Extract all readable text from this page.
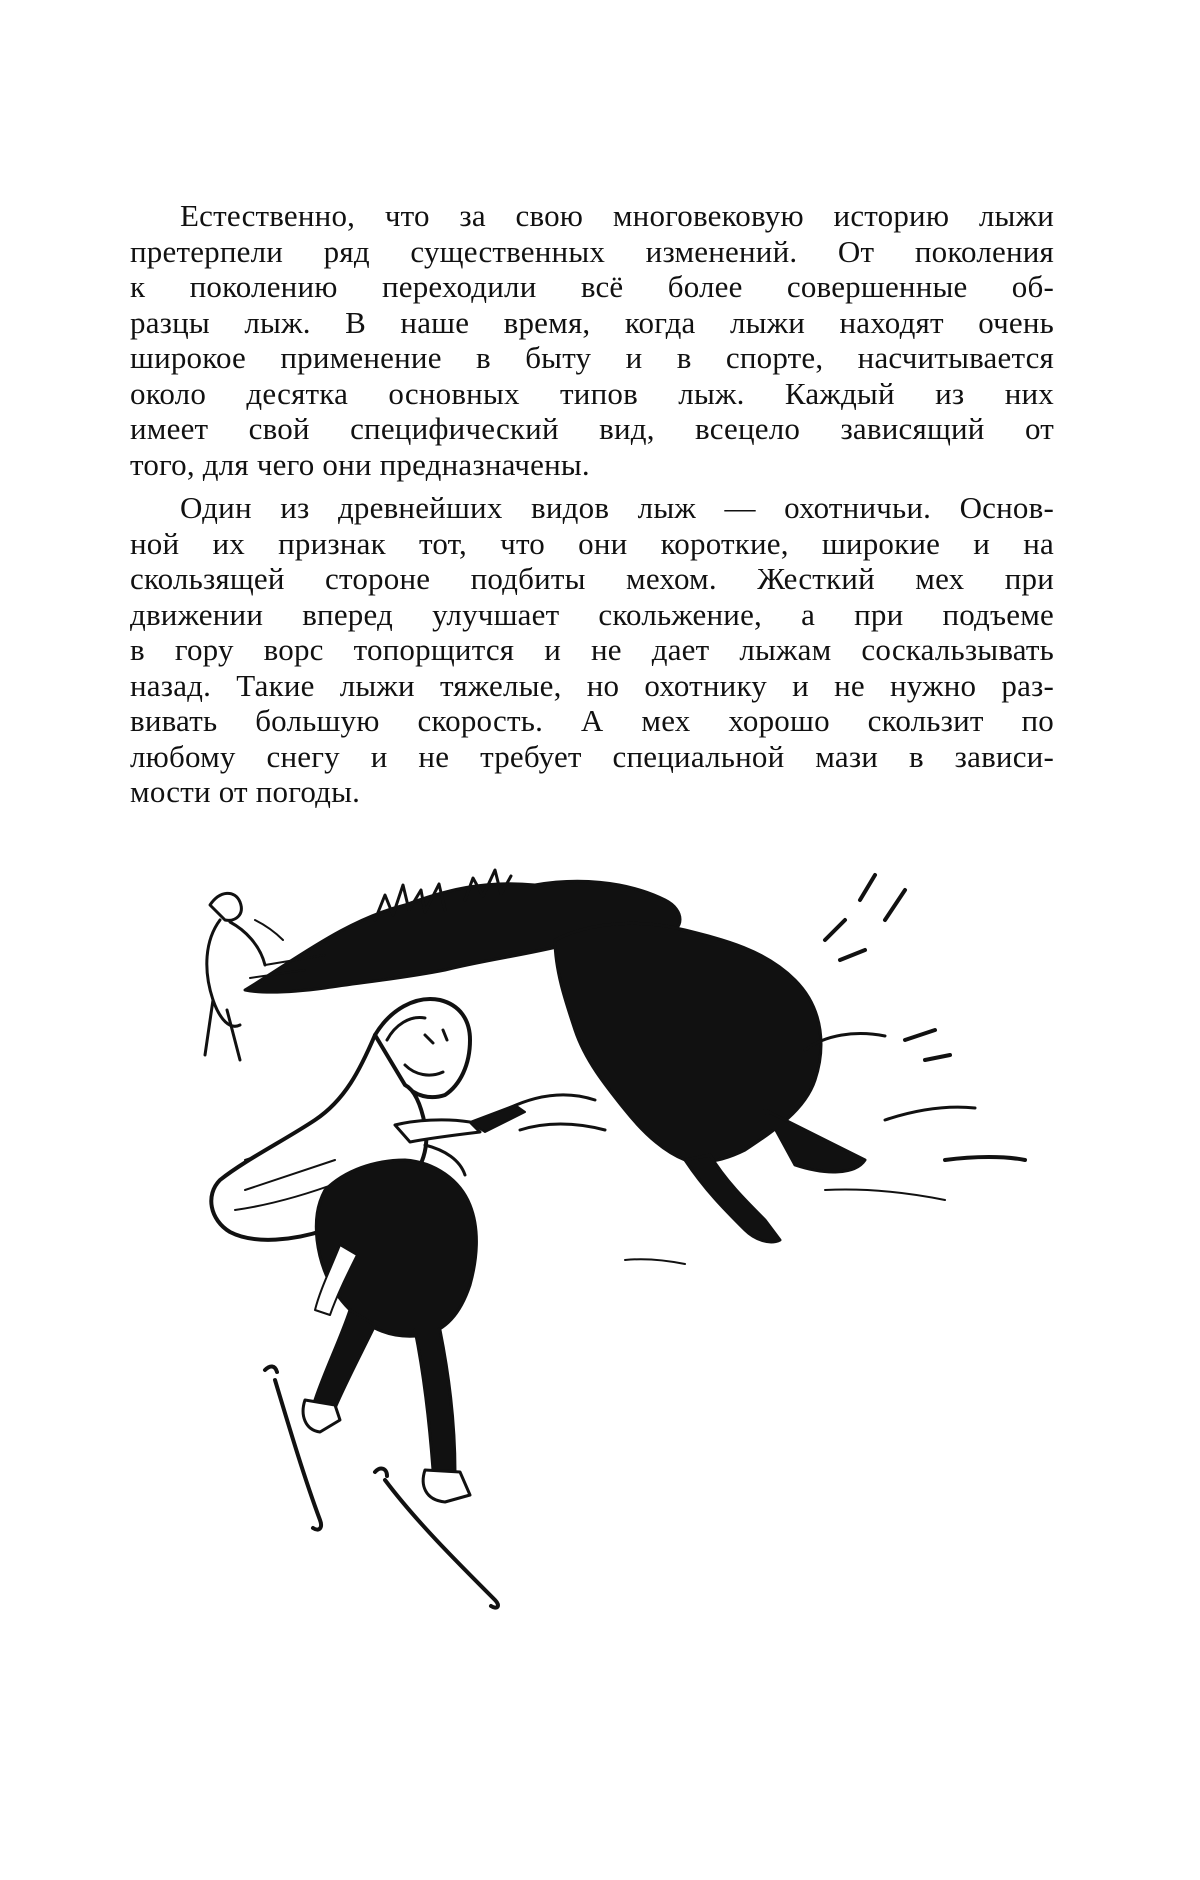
Естественно, что за свою многовековую историю лыжи
претерпели ряд существенных изменений. От поколения
к поколению переходили всё более совершенные об-
разцы лыж. В наше время, когда лыжи находят очень
широкое применение в быту и в спорте, насчитывается
около десятка основных типов лыж. Каждый из них
имеет свой специфический вид, всецело зависящий от
того, для чего они предназначены.
Один из древнейших видов лыж — охотничьи. Основ-
ной их признак тот, что они короткие, широкие и на
скользящей стороне подбиты мехом. Жесткий мех при
движении вперед улучшает скольжение, а при подъеме
в гору ворс топорщится и не дает лыжам соскальзывать
назад. Такие лыжи тяжелые, но охотнику и не нужно раз-
вивать большую скорость. А мех хорошо скользит по
любому снегу и не требует специальной мази в зависи-
мости от погоды.
